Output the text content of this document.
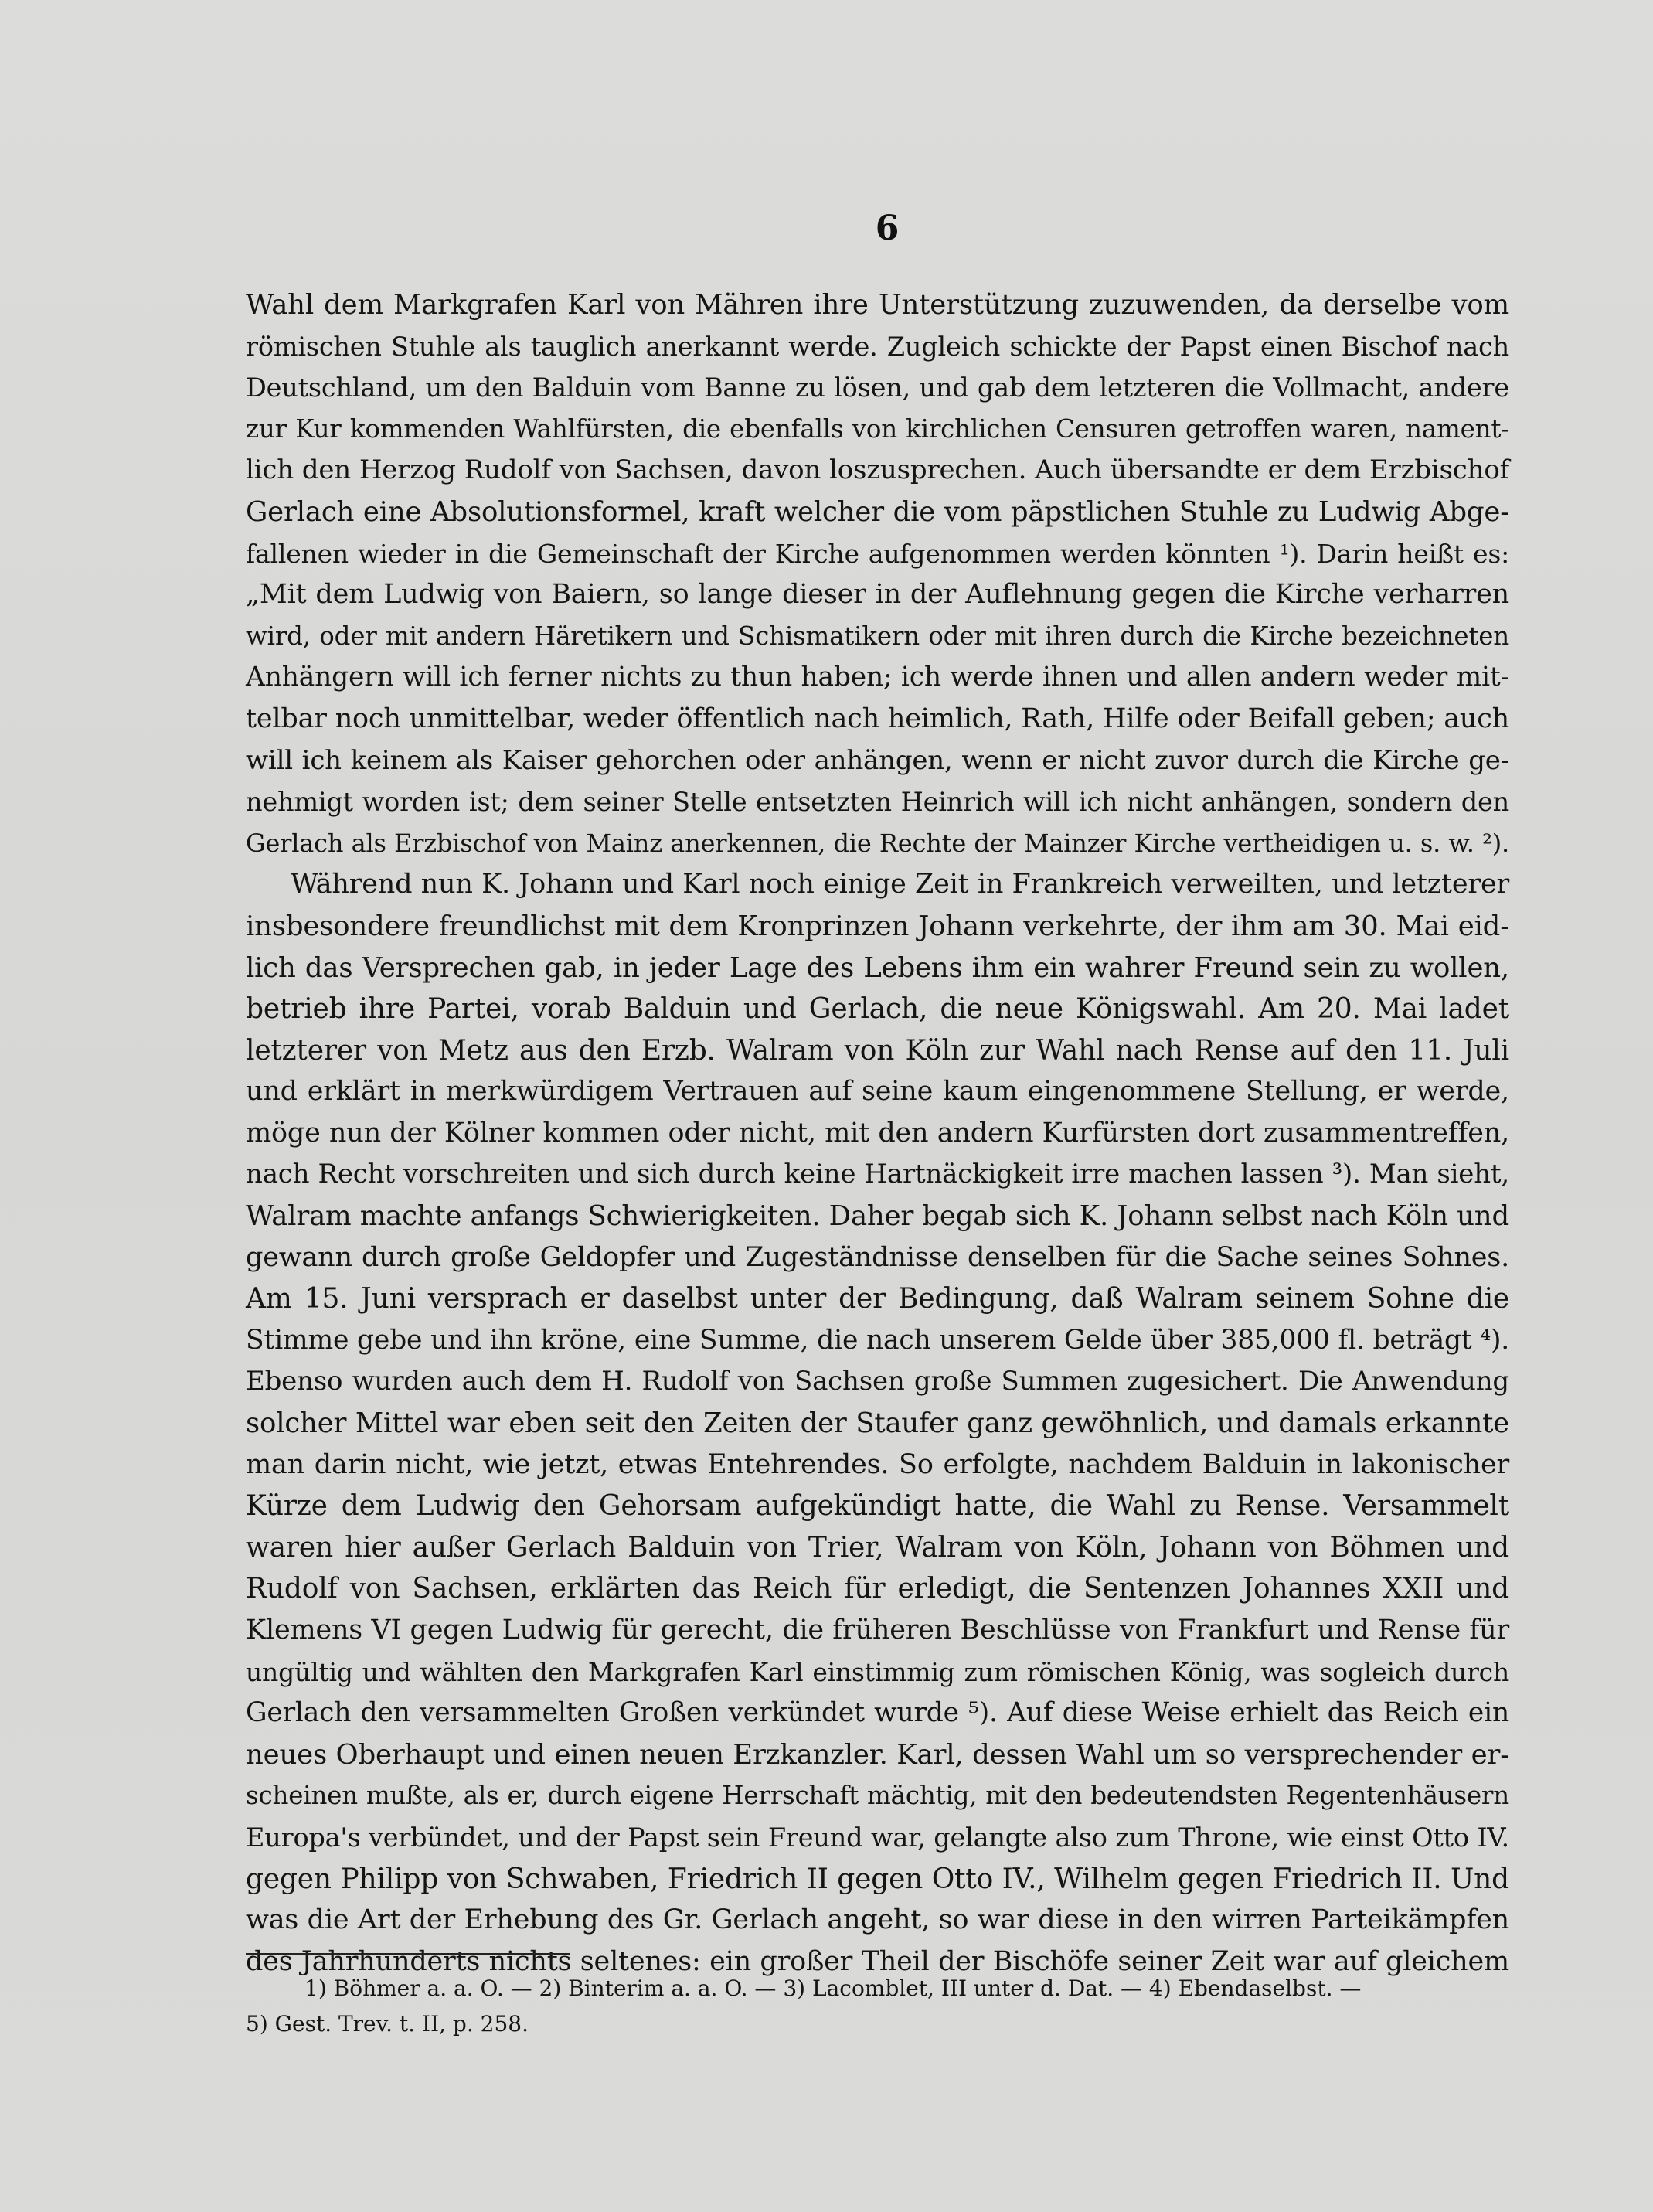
6
Wahl dem Markgrafen Karl von Mähren ihre Unterstützung zuzuwenden, da derselbe vom
römischen Stuhle als tauglich anerkannt werde. Zugleich schickte der Papst einen Bischof nach
Deutschland, um den Balduin vom Banne zu lösen, und gab dem letzteren die Vollmacht, andere
zur Kur kommenden Wahlfürsten, die ebenfalls von kirchlichen Censuren getroffen waren, nament-
lich den Herzog Rudolf von Sachsen, davon loszusprechen. Auch übersandte er dem Erzbischof
Gerlach eine Absolutionsformel, kraft welcher die vom päpstlichen Stuhle zu Ludwig Abge-
fallenen wieder in die Gemeinschaft der Kirche aufgenommen werden könnten ¹). Darin heißt es:
„Mit dem Ludwig von Baiern, so lange dieser in der Auflehnung gegen die Kirche verharren
wird, oder mit andern Häretikern und Schismatikern oder mit ihren durch die Kirche bezeichneten
Anhängern will ich ferner nichts zu thun haben; ich werde ihnen und allen andern weder mit-
telbar noch unmittelbar, weder öffentlich nach heimlich, Rath, Hilfe oder Beifall geben; auch
will ich keinem als Kaiser gehorchen oder anhängen, wenn er nicht zuvor durch die Kirche ge-
nehmigt worden ist; dem seiner Stelle entsetzten Heinrich will ich nicht anhängen, sondern den
Gerlach als Erzbischof von Mainz anerkennen, die Rechte der Mainzer Kirche vertheidigen u. s. w. ²).
Während nun K. Johann und Karl noch einige Zeit in Frankreich verweilten, und letzterer
insbesondere freundlichst mit dem Kronprinzen Johann verkehrte, der ihm am 30. Mai eid-
lich das Versprechen gab, in jeder Lage des Lebens ihm ein wahrer Freund sein zu wollen,
betrieb ihre Partei, vorab Balduin und Gerlach, die neue Königswahl. Am 20. Mai ladet
letzterer von Metz aus den Erzb. Walram von Köln zur Wahl nach Rense auf den 11. Juli
und erklärt in merkwürdigem Vertrauen auf seine kaum eingenommene Stellung, er werde,
möge nun der Kölner kommen oder nicht, mit den andern Kurfürsten dort zusammentreffen,
nach Recht vorschreiten und sich durch keine Hartnäckigkeit irre machen lassen ³). Man sieht,
Walram machte anfangs Schwierigkeiten. Daher begab sich K. Johann selbst nach Köln und
gewann durch große Geldopfer und Zugeständnisse denselben für die Sache seines Sohnes.
Am 15. Juni versprach er daselbst unter der Bedingung, daß Walram seinem Sohne die
Stimme gebe und ihn kröne, eine Summe, die nach unserem Gelde über 385,000 fl. beträgt ⁴).
Ebenso wurden auch dem H. Rudolf von Sachsen große Summen zugesichert. Die Anwendung
solcher Mittel war eben seit den Zeiten der Staufer ganz gewöhnlich, und damals erkannte
man darin nicht, wie jetzt, etwas Entehrendes. So erfolgte, nachdem Balduin in lakonischer
Kürze dem Ludwig den Gehorsam aufgekündigt hatte, die Wahl zu Rense. Versammelt
waren hier außer Gerlach Balduin von Trier, Walram von Köln, Johann von Böhmen und
Rudolf von Sachsen, erklärten das Reich für erledigt, die Sentenzen Johannes XXII und
Klemens VI gegen Ludwig für gerecht, die früheren Beschlüsse von Frankfurt und Rense für
ungültig und wählten den Markgrafen Karl einstimmig zum römischen König, was sogleich durch
Gerlach den versammelten Großen verkündet wurde ⁵). Auf diese Weise erhielt das Reich ein
neues Oberhaupt und einen neuen Erzkanzler. Karl, dessen Wahl um so versprechender er-
scheinen mußte, als er, durch eigene Herrschaft mächtig, mit den bedeutendsten Regentenhäusern
Europa's verbündet, und der Papst sein Freund war, gelangte also zum Throne, wie einst Otto IV.
gegen Philipp von Schwaben, Friedrich II gegen Otto IV., Wilhelm gegen Friedrich II. Und
was die Art der Erhebung des Gr. Gerlach angeht, so war diese in den wirren Parteikämpfen
des Jahrhunderts nichts seltenes: ein großer Theil der Bischöfe seiner Zeit war auf gleichem
1) Böhmer a. a. O. — 2) Binterim a. a. O. — 3) Lacomblet, III unter d. Dat. — 4) Ebendaselbst. —
5) Gest. Trev. t. II, p. 258.
